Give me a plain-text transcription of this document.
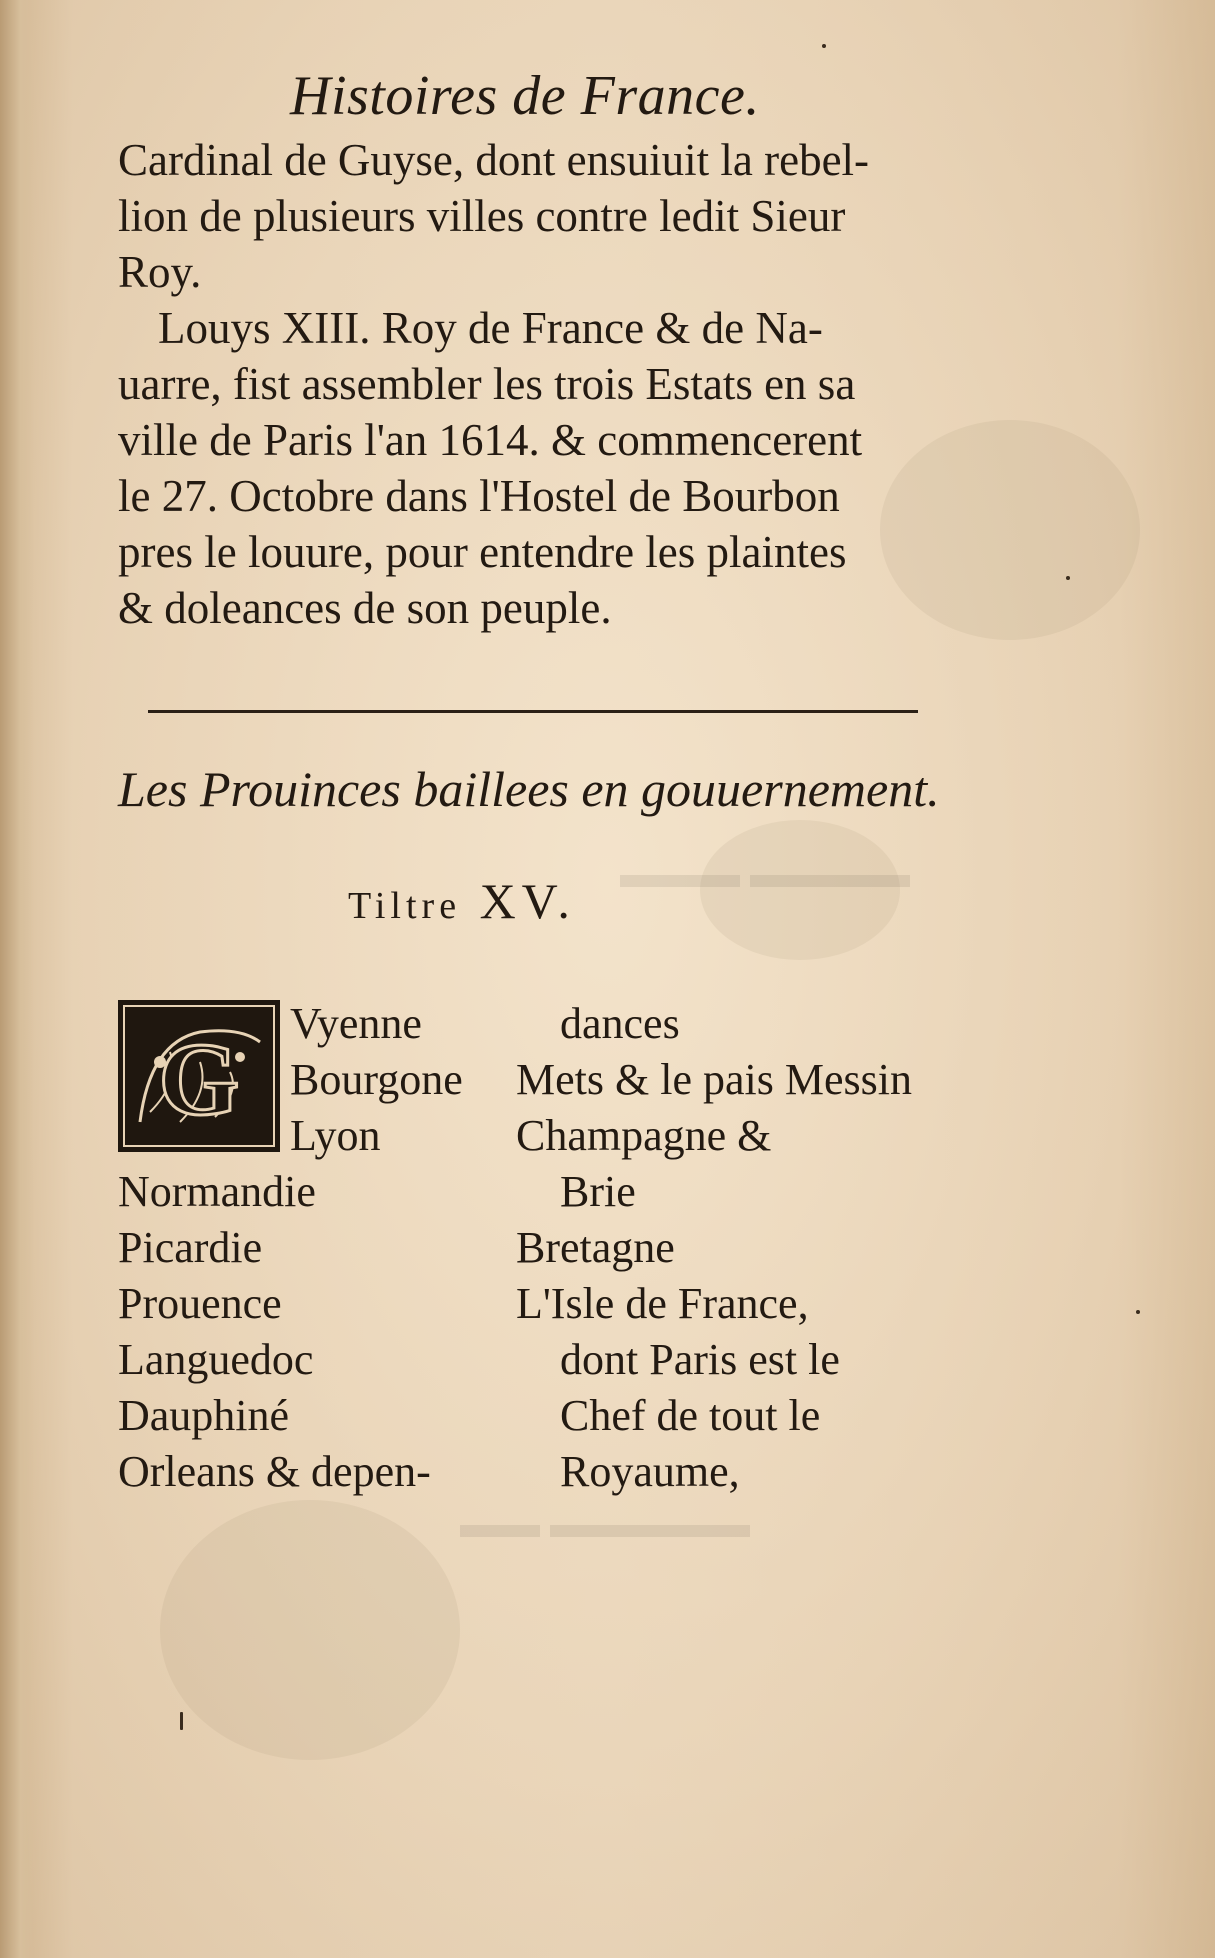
▬▬▬▬ ▬▬▬
▬▬▬▬▬ ▬▬
Histoires de France.
Cardinal de Guyse, dont ensuiuit la rebel-
lion de plusieurs villes contre ledit Sieur
Roy.
Louys XIII. Roy de France & de Na-
uarre, fist assembler les trois Estats en sa
ville de Paris l'an 1614. & commencerent
le 27. Octobre dans l'Hostel de Bourbon
pres le louure, pour entendre les plaintes
& doleances de son peuple.
Les Prouinces baillees en gouuernement.
Tiltre XV.
G	Vyenne
Bourgone
Lyon
Normandie
Picardie
Prouence
Languedoc
Dauphiné
Orleans & depen-
dances
Mets & le pais Messin
Champagne &
Brie
Bretagne
L'Isle de France,
dont Paris est le
Chef de tout le
Royaume,
